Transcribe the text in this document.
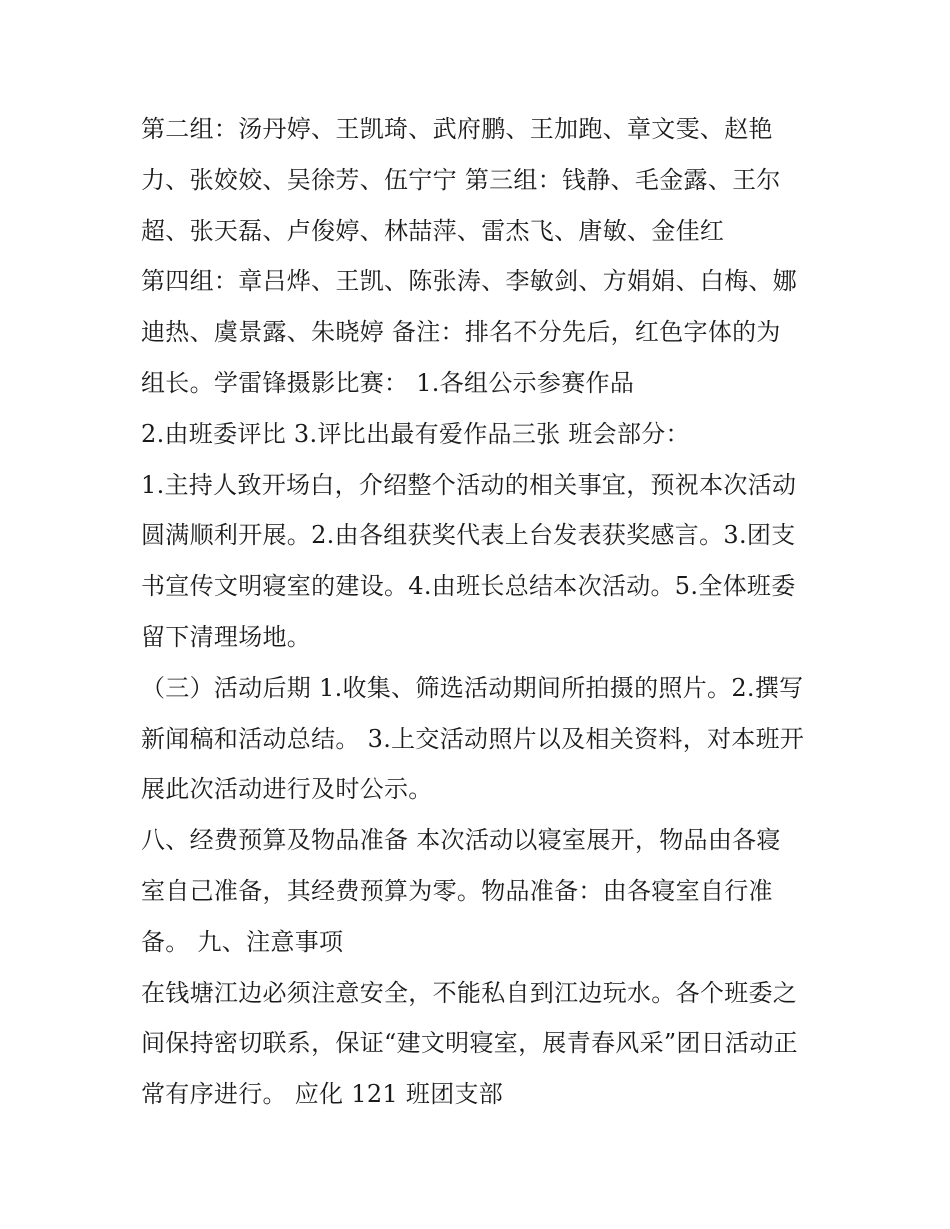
第二组：汤丹婷、王凯琦、武府鹏、王加跑、章文雯、赵艳
力、张姣姣、吴徐芳、伍宁宁 第三组：钱静、毛金露、王尔
超、张天磊、卢俊婷、林喆萍、雷杰飞、唐敏、金佳红
第四组：章吕烨、王凯、陈张涛、李敏剑、方娟娟、白梅、娜
迪热、虞景露、朱晓婷 备注：排名不分先后，红色字体的为
组长。学雷锋摄影比赛： 1.各组公示参赛作品
2.由班委评比 3.评比出最有爱作品三张 班会部分：
1.主持人致开场白，介绍整个活动的相关事宜，预祝本次活动
圆满顺利开展。2.由各组获奖代表上台发表获奖感言。3.团支
书宣传文明寝室的建设。4.由班长总结本次活动。5.全体班委
留下清理场地。
（三）活动后期 1.收集、筛选活动期间所拍摄的照片。2.撰写
新闻稿和活动总结。 3.上交活动照片以及相关资料，对本班开
展此次活动进行及时公示。
八、经费预算及物品准备 本次活动以寝室展开，物品由各寝
室自己准备，其经费预算为零。物品准备：由各寝室自行准
备。 九、注意事项
在钱塘江边必须注意安全，不能私自到江边玩水。各个班委之
间保持密切联系，保证“建文明寝室，展青春风采”团日活动正
常有序进行。 应化 121 班团支部
